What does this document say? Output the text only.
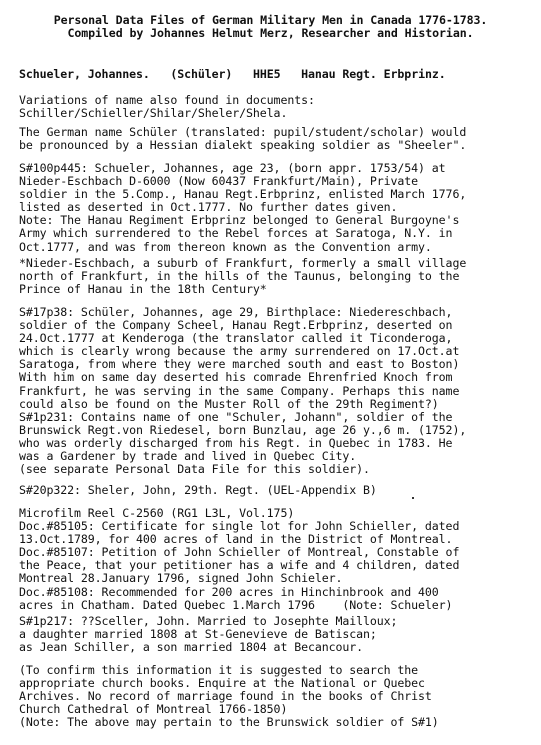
Personal Data Files of German Military Men in Canada 1776-1783.
Compiled by Johannes Helmut Merz, Researcher and Historian.
Schueler, Johannes. (Schüler) HHE5 Hanau Regt. Erbprinz.
Variations of name also found in documents:
Schiller/Schieller/Shilar/Sheler/Shela.

The German name Schüler (translated: pupil/student/scholar) would
be pronounced by a Hessian dialekt speaking soldier as "Sheeler".

S#100p445: Schueler, Johannes, age 23, (born appr. 1753/54) at
Nieder-Eschbach D-6000 (Now 60437 Frankfurt/Main), Private
soldier in the 5.Comp., Hanau Regt.Erbprinz, enlisted March 1776,
listed as deserted in Oct.1777. No further dates given.
Note: The Hanau Regiment Erbprinz belonged to General Burgoyne's
Army which surrendered to the Rebel forces at Saratoga, N.Y. in
Oct.1777, and was from thereon known as the Convention army.

*Nieder-Eschbach, a suburb of Frankfurt, formerly a small village
north of Frankfurt, in the hills of the Taunus, belonging to the
Prince of Hanau in the 18th Century*

S#17p38: Schüler, Johannes, age 29, Birthplace: Niedereschbach,
soldier of the Company Scheel, Hanau Regt.Erbprinz, deserted on
24.Oct.1777 at Kenderoga (the translator called it Ticonderoga,
which is clearly wrong because the army surrendered on 17.Oct.at
Saratoga, from where they were marched south and east to Boston)
With him on same day deserted his comrade Ehrenfried Knoch from
Frankfurt, he was serving in the same Company. Perhaps this name
could also be found on the Muster Roll of the 29th Regiment?)

S#1p231: Contains name of one "Schuler, Johann", soldier of the
Brunswick Regt.von Riedesel, born Bunzlau, age 26 y.,6 m. (1752),
who was orderly discharged from his Regt. in Quebec in 1783. He
was a Gardener by trade and lived in Quebec City.
(see separate Personal Data File for this soldier).

S#20p322: Sheler, John, 29th. Regt. (UEL-Appendix B)

Microfilm Reel C-2560 (RG1 L3L, Vol.175)
Doc.#85105: Certificate for single lot for John Schieller, dated
13.Oct.1789, for 400 acres of land in the District of Montreal.
Doc.#85107: Petition of John Schieller of Montreal, Constable of
the Peace, that your petitioner has a wife and 4 children, dated
Montreal 28.January 1796, signed John Schieler.
Doc.#85108: Recommended for 200 acres in Hinchinbrook and 400
acres in Chatham. Dated Quebec 1.March 1796    (Note: Schueler)

S#1p217: ??Sceller, John. Married to Josephte Mailloux;
a daughter married 1808 at St-Genevieve de Batiscan;
as Jean Schiller, a son married 1804 at Becancour.

(To confirm this information it is suggested to search the
appropriate church books. Enquire at the National or Quebec
Archives. No record of marriage found in the books of Christ
Church Cathedral of Montreal 1766-1850)
(Note: The above may pertain to the Brunswick soldier of S#1)
